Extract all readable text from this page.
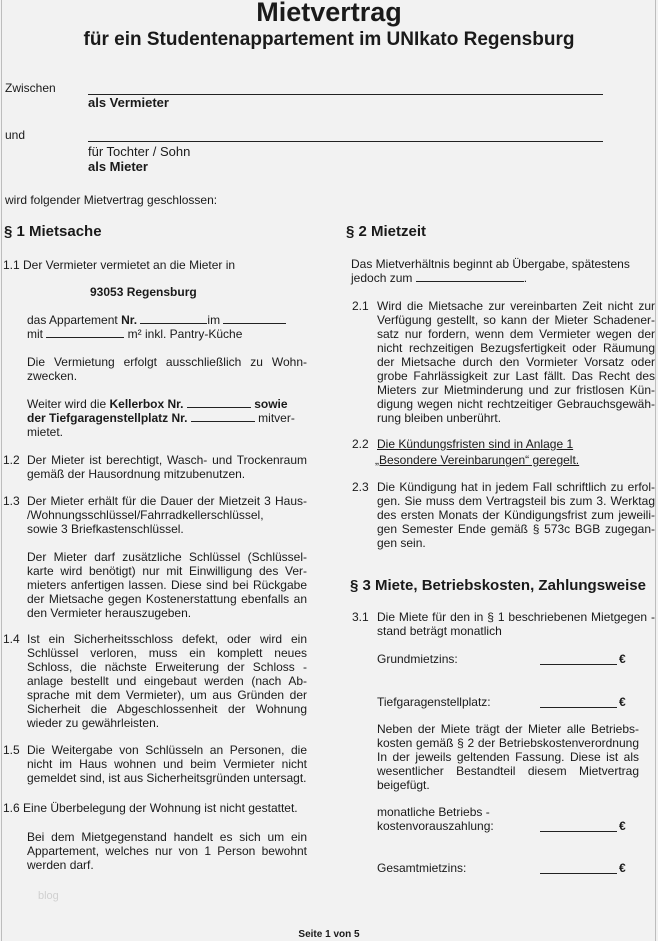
Mietvertrag
für ein Studentenappartement im UNIkato Regensburg
Zwischen
als Vermieter
und
für Tochter / Sohn
als Mieter
wird folgender Mietvertrag geschlossen:
§ 1 Mietsache
1.1 Der Vermieter vermietet an die Mieter in
93053 Regensburg
das Appartement Nr.	im
mit	m² inkl. Pantry-Küche
Die Vermietung erfolgt ausschließlich zu Wohn-
zwecken.
Weiter wird die Kellerbox Nr.	sowie
der Tiefgaragenstellplatz Nr.	mitver-
mietet.
1.2 Der Mieter ist berechtigt, Wasch- und Trockenraum
gemäß der Hausordnung mitzubenutzen.
1.3 Der Mieter erhält für die Dauer der Mietzeit 3 Haus-
/Wohnungsschlüssel/Fahrradkellerschlüssel,
sowie 3 Briefkastenschlüssel.
Der Mieter darf zusätzliche Schlüssel (Schlüssel-
karte wird benötigt) nur mit Einwilligung des Ver-
mieters anfertigen lassen. Diese sind bei Rückgabe
der Mietsache gegen Kostenerstattung ebenfalls an
den Vermieter herauszugeben.
1.4 Ist ein Sicherheitsschloss defekt, oder wird ein
Schlüssel verloren, muss ein komplett neues
Schloss, die nächste Erweiterung der Schloss -
anlage bestellt und eingebaut werden (nach Ab-
sprache mit dem Vermieter), um aus Gründen der
Sicherheit die Abgeschlossenheit der Wohnung
wieder zu gewährleisten.
1.5 Die Weitergabe von Schlüsseln an Personen, die
nicht im Haus wohnen und beim Vermieter nicht
gemeldet sind, ist aus Sicherheitsgründen untersagt.
1.6 Eine Überbelegung der Wohnung ist nicht gestattet.
Bei dem Mietgegenstand handelt es sich um ein
Appartement, welches nur von 1 Person bewohnt
werden darf.
blog
§ 2 Mietzeit
Das Mietverhältnis beginnt ab Übergabe, spätestens
jedoch zum	.
2.1 Wird die Mietsache zur vereinbarten Zeit nicht zur
Verfügung gestellt, so kann der Mieter Schadener-
satz nur fordern, wenn dem Vermieter wegen der
nicht rechzeitigen Bezugsfertigkeit oder Räumung
der Mietsache durch den Vormieter Vorsatz oder
grobe Fahrlässigkeit zur Last fällt. Das Recht des
Mieters zur Mietminderung und zur fristlosen Kün-
digung wegen nicht rechtzeitiger Gebrauchsgewäh-
rung bleiben unberührt.
2.2 Die Kündungsfristen sind in Anlage 1
„Besondere Vereinbarungen“ geregelt.
2.3 Die Kündigung hat in jedem Fall schriftlich zu erfol-
gen. Sie muss dem Vertragsteil bis zum 3. Werktag
des ersten Monats der Kündigungsfrist zum jeweili-
gen Semester Ende gemäß § 573c BGB zugegan-
gen sein.
§ 3 Miete, Betriebskosten, Zahlungsweise
3.1 Die Miete für den in § 1 beschriebenen Mietgegen -
stand beträgt monatlich
Grundmietzins:	€
Tiefgaragenstellplatz:	€
Neben der Miete trägt der Mieter alle Betriebs-
kosten gemäß § 2 der Betriebskostenverordnung
In der jeweils geltenden Fassung. Diese ist als
wesentlicher Bestandteil diesem Mietvertrag
beigefügt.
monatliche Betriebs -
kostenvorauszahlung:	€
Gesamtmietzins:	€
Seite 1 von 5
